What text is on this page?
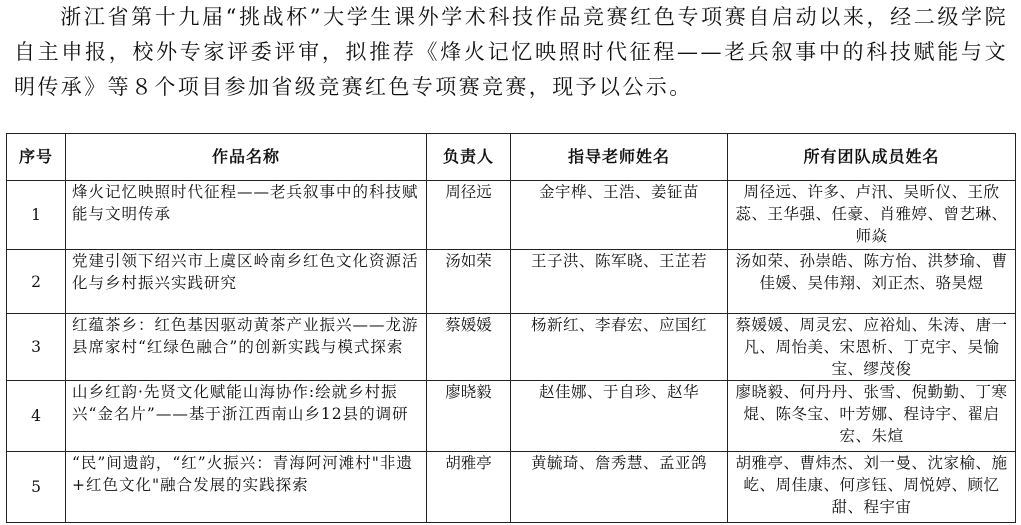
浙江省第十九届“挑战杯”大学生课外学术科技作品竞赛红色专项赛自启动以来，经二级学院自主申报，校外专家评委评审，拟推荐《烽火记忆映照时代征程——老兵叙事中的科技赋能与文明传承》等８个项目参加省级竞赛红色专项赛竞赛，现予以公示。

序号	作品名称	负责人	指导老师姓名	所有团队成员姓名
1	烽火记忆映照时代征程——老兵叙事中的科技赋能与文明传承	周径远	金宇桦、王浩、姜钲苗	周径远、许多、卢汛、吴昕仪、王欣蕊、王华强、任豪、肖雅婷、曾艺琳、师焱
2	党建引领下绍兴市上虞区岭南乡红色文化资源活化与乡村振兴实践研究	汤如荣	王子洪、陈军晓、王芷若	汤如荣、孙崇皓、陈方怡、洪梦瑜、曹佳媛、吴伟翔、刘正杰、骆昊煜
3	红蕴茶乡：红色基因驱动黄茶产业振兴——龙游县席家村“红绿色融合”的创新实践与模式探索	蔡媛媛	杨新红、李春宏、应国红	蔡媛媛、周灵宏、应裕灿、朱涛、唐一凡、周怡美、宋恩析、丁克宇、吴愉宝、缪茂俊
4	山乡红韵·先贤文化赋能山海协作:绘就乡村振兴“金名片”——基于浙江西南山乡12县的调研	廖晓毅	赵佳娜、于自珍、赵华	廖晓毅、何丹丹、张雪、倪勤勤、丁寒焜、陈冬宝、叶芳娜、程诗宇、翟启宏、朱煊
5	“民”间遗韵，“红”火振兴：青海阿河滩村"非遗+红色文化"融合发展的实践探索	胡雅亭	黄毓琦、詹秀慧、孟亚鸽	胡雅亭、曹炜杰、刘一曼、沈家榆、施屹、周佳康、何彦钰、周悦婷、顾忆甜、程宇宙
